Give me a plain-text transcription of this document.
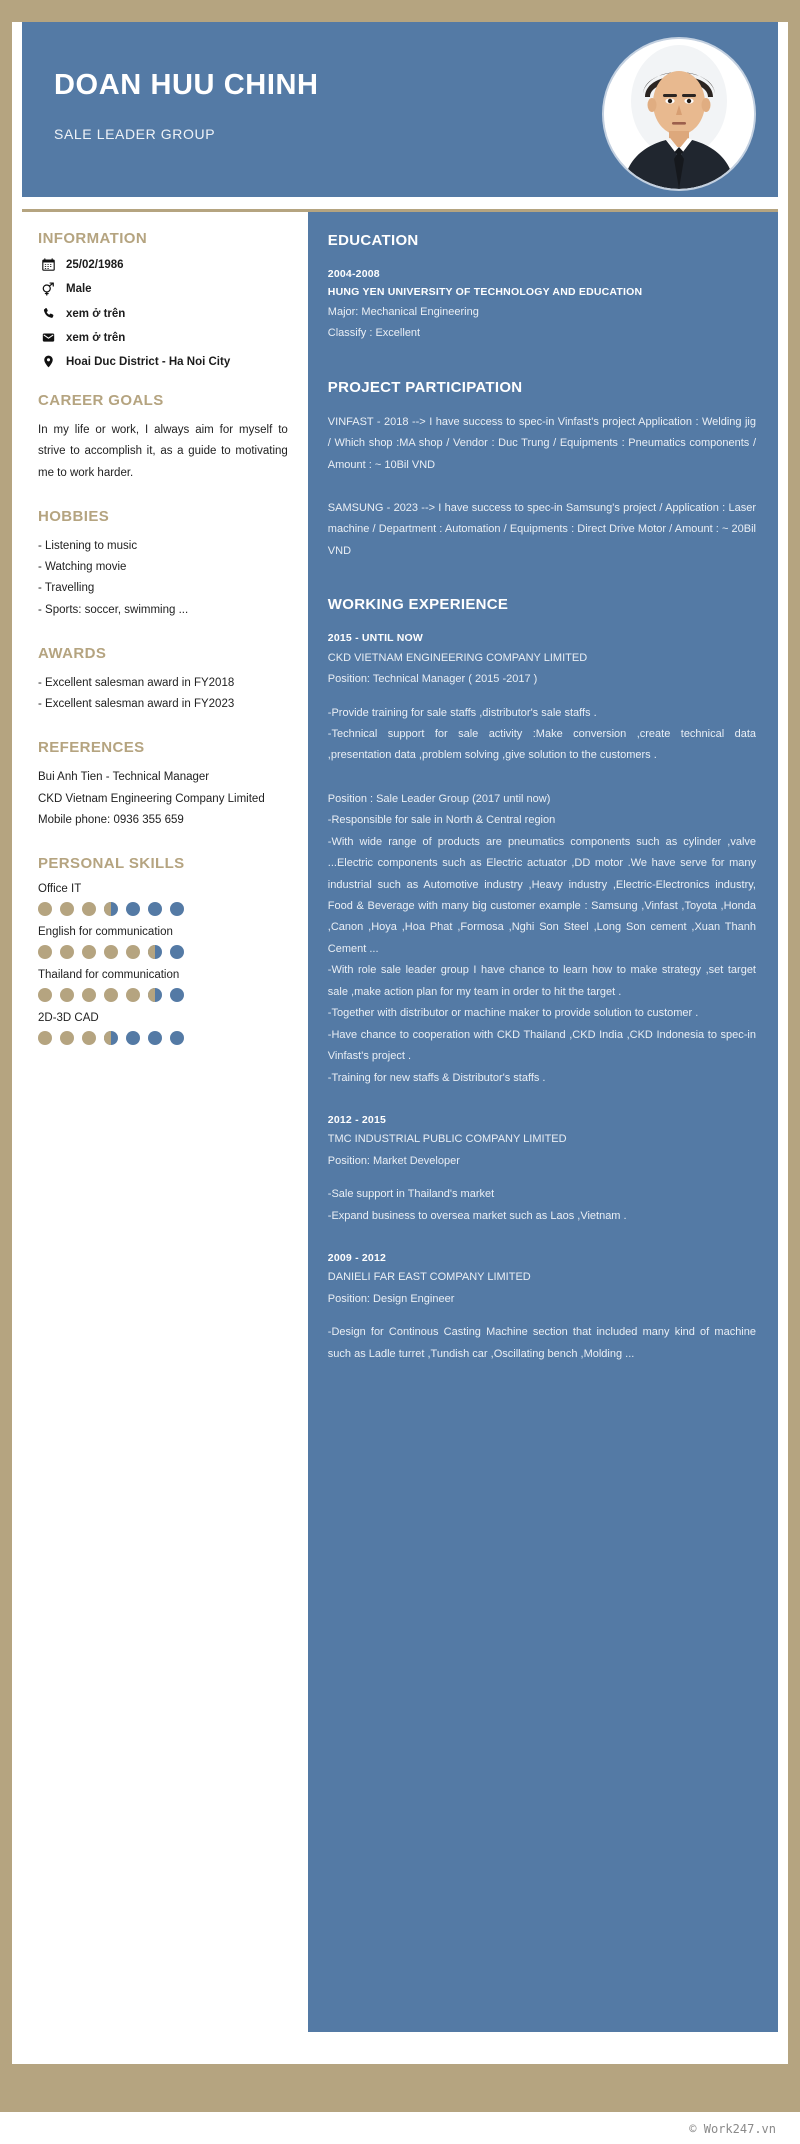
DOAN HUU CHINH
SALE LEADER GROUP
INFORMATION
25/02/1986
Male
xem ở trên
xem ở trên
Hoai Duc District - Ha Noi City
CAREER GOALS
In my life or work, I always aim for myself to strive to accomplish it, as a guide to motivating me to work harder.
HOBBIES
- Listening to music
- Watching movie
- Travelling
- Sports: soccer, swimming ...
AWARDS
- Excellent salesman award in FY2018
- Excellent salesman award in FY2023
REFERENCES
Bui Anh Tien - Technical Manager
CKD Vietnam Engineering Company Limited
Mobile phone: 0936 355 659
PERSONAL SKILLS
Office IT
English for communication
Thailand for communication
2D-3D CAD
EDUCATION
2004-2008
HUNG YEN UNIVERSITY OF TECHNOLOGY AND EDUCATION
Major: Mechanical Engineering
Classify : Excellent
PROJECT PARTICIPATION
VINFAST - 2018 --> I have success to spec-in Vinfast's project Application : Welding jig / Which shop :MA shop / Vendor : Duc Trung / Equipments : Pneumatics components / Amount : ~ 10Bil VND
SAMSUNG - 2023 --> I have success to spec-in Samsung's project / Application : Laser machine / Department : Automation / Equipments : Direct Drive Motor / Amount : ~ 20Bil VND
WORKING EXPERIENCE
2015 - UNTIL NOW
CKD VIETNAM ENGINEERING COMPANY LIMITED
Position: Technical Manager ( 2015 -2017 )
-Provide training for sale staffs ,distributor's sale staffs .
-Technical support for sale activity :Make conversion ,create technical data ,presentation data ,problem solving ,give solution to the customers .
Position : Sale Leader Group (2017 until now)
-Responsible for sale in North & Central region
-With wide range of products are pneumatics components such as cylinder ,valve ...Electric components such as Electric actuator ,DD motor .We have serve for many industrial such as Automotive industry ,Heavy industry ,Electric-Electronics industry, Food & Beverage with many big customer example : Samsung ,Vinfast ,Toyota ,Honda ,Canon ,Hoya ,Hoa Phat ,Formosa ,Nghi Son Steel ,Long Son cement ,Xuan Thanh Cement ...
-With role sale leader group I have chance to learn how to make strategy ,set target sale ,make action plan for my team in order to hit the target .
-Together with distributor or machine maker to provide solution to customer .
-Have chance to cooperation with CKD Thailand ,CKD India ,CKD Indonesia to spec-in Vinfast's project .
-Training for new staffs & Distributor's staffs .
2012 - 2015
TMC INDUSTRIAL PUBLIC COMPANY LIMITED
Position: Market Developer
-Sale support in Thailand's market
-Expand business to oversea market such as Laos ,Vietnam .
2009 - 2012
DANIELI FAR EAST COMPANY LIMITED
Position: Design Engineer
-Design for Continous Casting Machine section that included many kind of machine such as Ladle turret ,Tundish car ,Oscillating bench ,Molding ...
© Work247.vn
